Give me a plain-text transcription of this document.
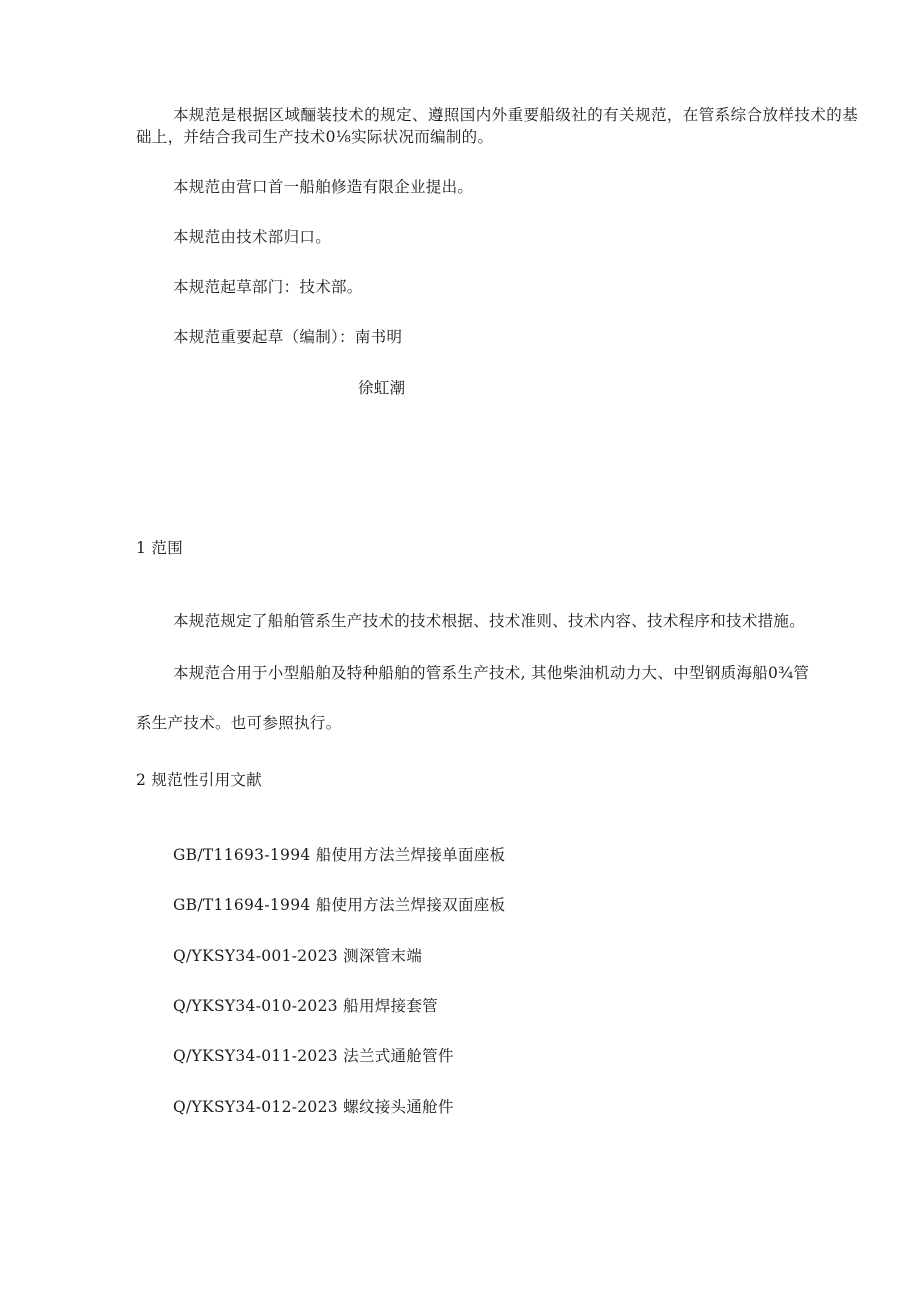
本规范是根据区域酾装技术的规定、遵照国内外重要船级社的有关规范，在管系综合放样技术的基础上，并结合我司生产技术0⅛实际状况而编制的。

本规范由营口首一船舶修造有限企业提出。
本规范由技术部归口。
本规范起草部门：技术部。
本规范重要起草（编制）：南书明
徐虹潮
1 范围
本规范规定了船舶管系生产技术的技术根据、技术准则、技术内容、技术程序和技术措施。
本规范合用于小型船舶及特种船舶的管系生产技术, 其他柴油机动力大、中型钢质海船0¾管
系生产技术。也可参照执行。
2 规范性引用文献
GB/T11693-1994 船使用方法兰焊接单面座板
GB/T11694-1994 船使用方法兰焊接双面座板
Q/YKSY34-001-2023 测深管末端
Q/YKSY34-010-2023 船用焊接套管
Q/YKSY34-011-2023 法兰式通舱管件
Q/YKSY34-012-2023 螺纹接头通舱件
